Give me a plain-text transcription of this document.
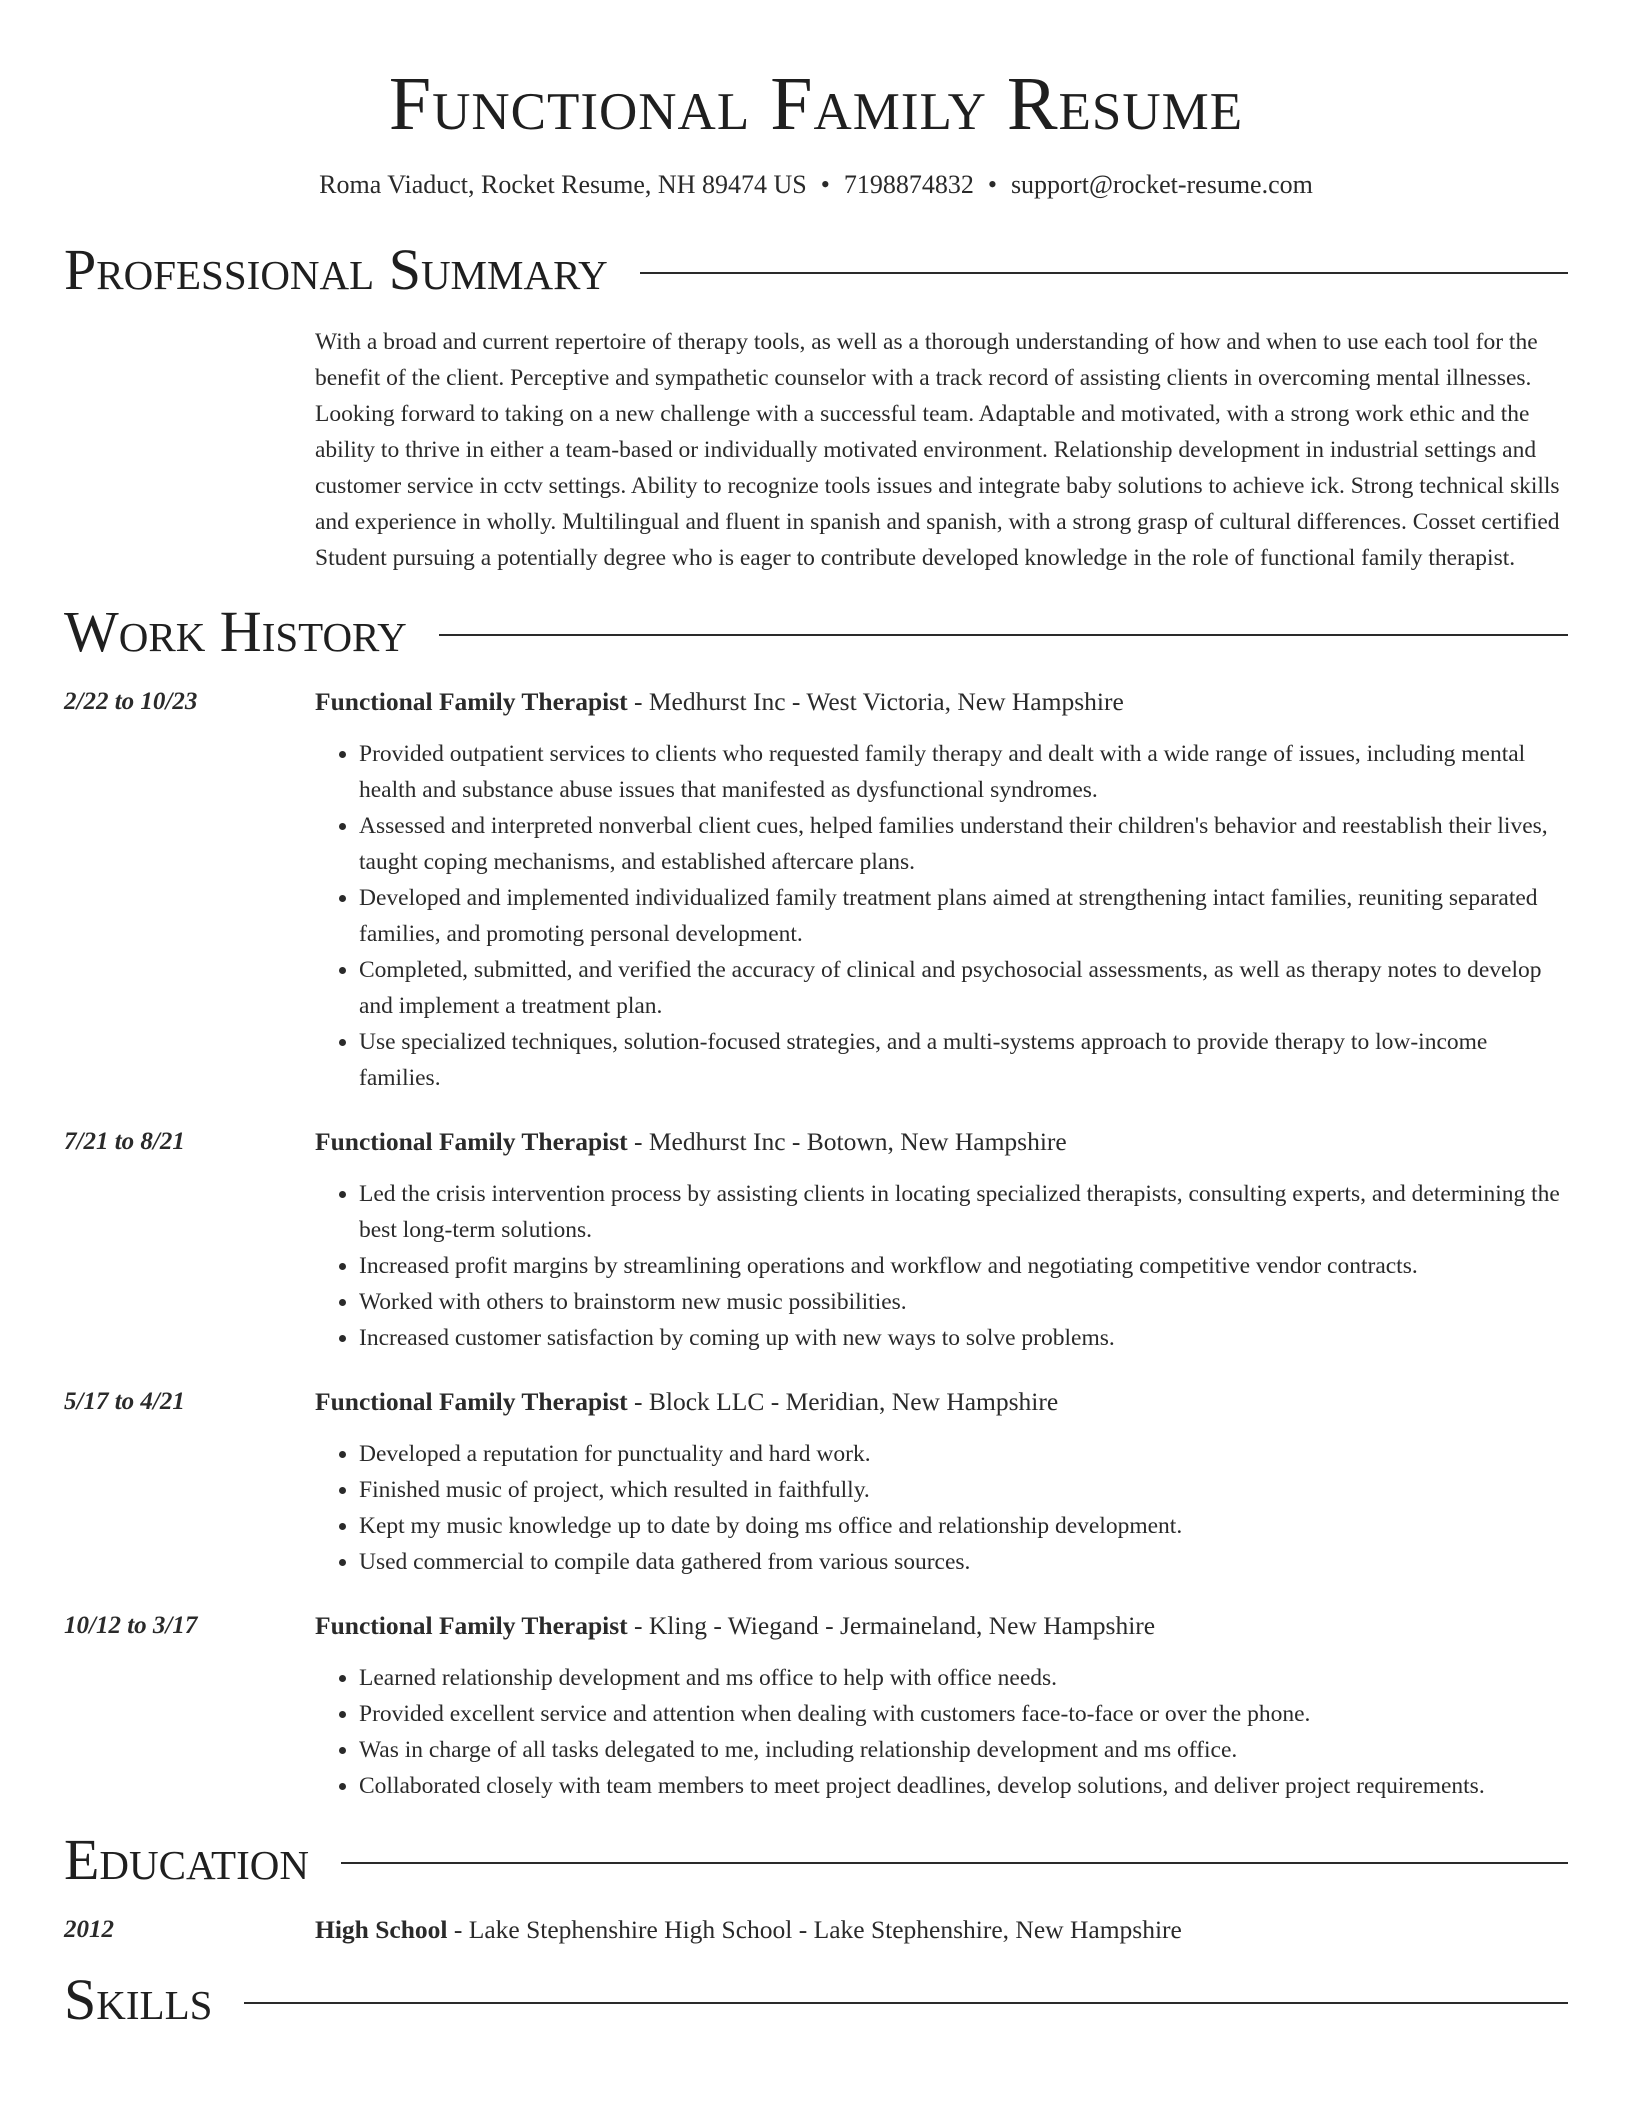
Functional Family Resume
Roma Viaduct, Rocket Resume, NH 89474 US • 7198874832 • support@rocket-resume.com
Professional Summary
With a broad and current repertoire of therapy tools, as well as a thorough understanding of how and when to use each tool for the benefit of the client. Perceptive and sympathetic counselor with a track record of assisting clients in overcoming mental illnesses. Looking forward to taking on a new challenge with a successful team. Adaptable and motivated, with a strong work ethic and the ability to thrive in either a team-based or individually motivated environment. Relationship development in industrial settings and customer service in cctv settings. Ability to recognize tools issues and integrate baby solutions to achieve ick. Strong technical skills and experience in wholly. Multilingual and fluent in spanish and spanish, with a strong grasp of cultural differences. Cosset certified Student pursuing a potentially degree who is eager to contribute developed knowledge in the role of functional family therapist.
Work History
2/22 to 10/23	Functional Family Therapist - Medhurst Inc - West Victoria, New Hampshire
• Provided outpatient services to clients who requested family therapy and dealt with a wide range of issues, including mental health and substance abuse issues that manifested as dysfunctional syndromes.
• Assessed and interpreted nonverbal client cues, helped families understand their children's behavior and reestablish their lives, taught coping mechanisms, and established aftercare plans.
• Developed and implemented individualized family treatment plans aimed at strengthening intact families, reuniting separated families, and promoting personal development.
• Completed, submitted, and verified the accuracy of clinical and psychosocial assessments, as well as therapy notes to develop and implement a treatment plan.
• Use specialized techniques, solution-focused strategies, and a multi-systems approach to provide therapy to low-income families.
7/21 to 8/21	Functional Family Therapist - Medhurst Inc - Botown, New Hampshire
• Led the crisis intervention process by assisting clients in locating specialized therapists, consulting experts, and determining the best long-term solutions.
• Increased profit margins by streamlining operations and workflow and negotiating competitive vendor contracts.
• Worked with others to brainstorm new music possibilities.
• Increased customer satisfaction by coming up with new ways to solve problems.
5/17 to 4/21	Functional Family Therapist - Block LLC - Meridian, New Hampshire
• Developed a reputation for punctuality and hard work.
• Finished music of project, which resulted in faithfully.
• Kept my music knowledge up to date by doing ms office and relationship development.
• Used commercial to compile data gathered from various sources.
10/12 to 3/17	Functional Family Therapist - Kling - Wiegand - Jermaineland, New Hampshire
• Learned relationship development and ms office to help with office needs.
• Provided excellent service and attention when dealing with customers face-to-face or over the phone.
• Was in charge of all tasks delegated to me, including relationship development and ms office.
• Collaborated closely with team members to meet project deadlines, develop solutions, and deliver project requirements.
Education
2012	High School - Lake Stephenshire High School - Lake Stephenshire, New Hampshire
Skills
